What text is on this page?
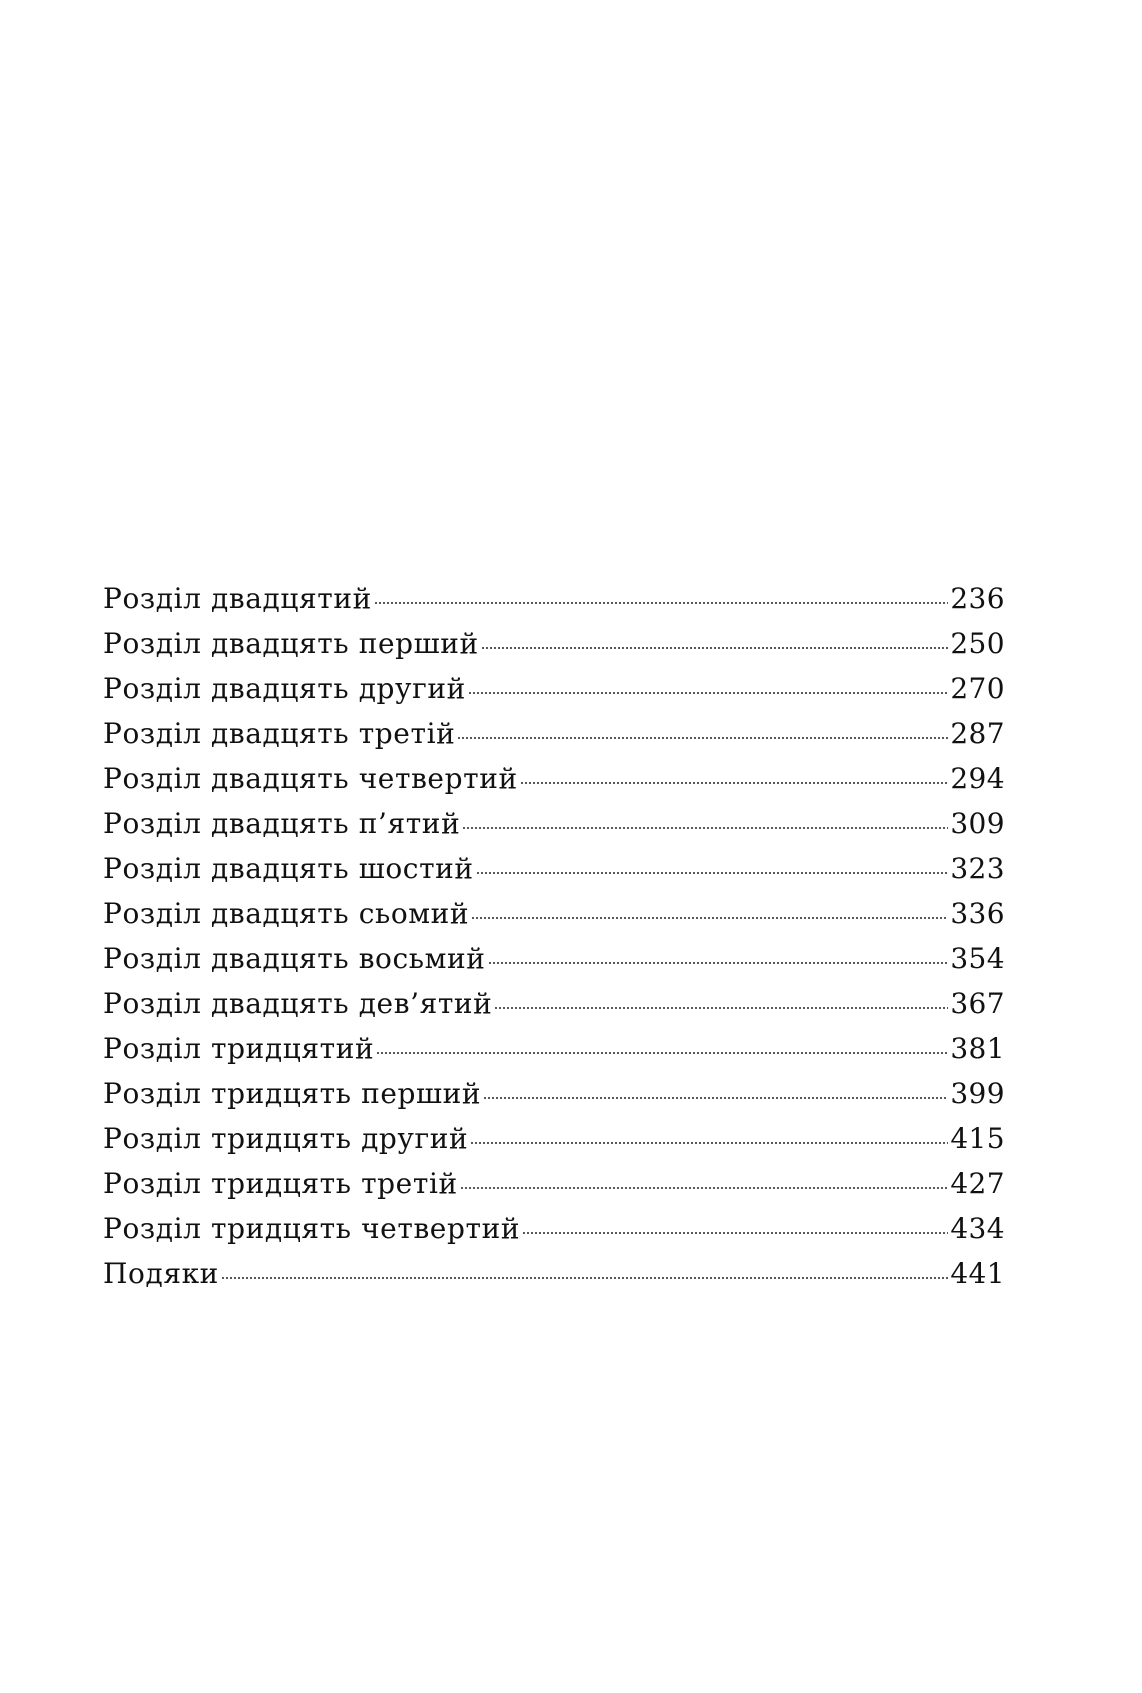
Розділ двадцятий	236
Розділ двадцять перший	250
Розділ двадцять другий	270
Розділ двадцять третій	287
Розділ двадцять четвертий	294
Розділ двадцять п’ятий	309
Розділ двадцять шостий	323
Розділ двадцять сьомий	336
Розділ двадцять восьмий	354
Розділ двадцять дев’ятий	367
Розділ тридцятий	381
Розділ тридцять перший	399
Розділ тридцять другий	415
Розділ тридцять третій	427
Розділ тридцять четвертий	434
Подяки	441
